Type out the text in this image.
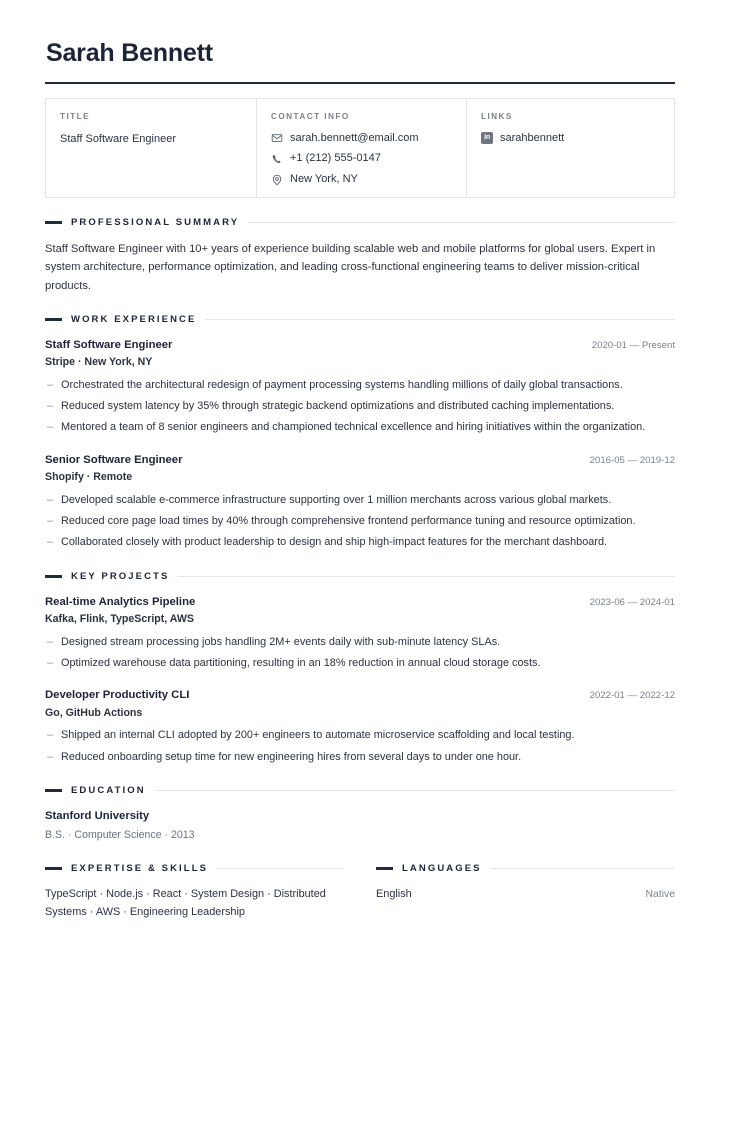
Sarah Bennett
TITLE
Staff Software Engineer
CONTACT INFO
sarah.bennett@email.com
+1 (212) 555-0147
New York, NY
LINKS
in sarahbennett
PROFESSIONAL SUMMARY
Staff Software Engineer with 10+ years of experience building scalable web and mobile platforms for global users. Expert in system architecture, performance optimization, and leading cross-functional engineering teams to deliver mission-critical products.
WORK EXPERIENCE
Staff Software Engineer	2020-01 — Present
Stripe · New York, NY
– Orchestrated the architectural redesign of payment processing systems handling millions of daily global transactions.
– Reduced system latency by 35% through strategic backend optimizations and distributed caching implementations.
– Mentored a team of 8 senior engineers and championed technical excellence and hiring initiatives within the organization.
Senior Software Engineer	2016-05 — 2019-12
Shopify · Remote
– Developed scalable e-commerce infrastructure supporting over 1 million merchants across various global markets.
– Reduced core page load times by 40% through comprehensive frontend performance tuning and resource optimization.
– Collaborated closely with product leadership to design and ship high-impact features for the merchant dashboard.
KEY PROJECTS
Real-time Analytics Pipeline	2023-06 — 2024-01
Kafka, Flink, TypeScript, AWS
– Designed stream processing jobs handling 2M+ events daily with sub-minute latency SLAs.
– Optimized warehouse data partitioning, resulting in an 18% reduction in annual cloud storage costs.
Developer Productivity CLI	2022-01 — 2022-12
Go, GitHub Actions
– Shipped an internal CLI adopted by 200+ engineers to automate microservice scaffolding and local testing.
– Reduced onboarding setup time for new engineering hires from several days to under one hour.
EDUCATION
Stanford University
B.S. · Computer Science · 2013
EXPERTISE & SKILLS
TypeScript · Node.js · React · System Design · Distributed Systems · AWS · Engineering Leadership
LANGUAGES
English	Native
